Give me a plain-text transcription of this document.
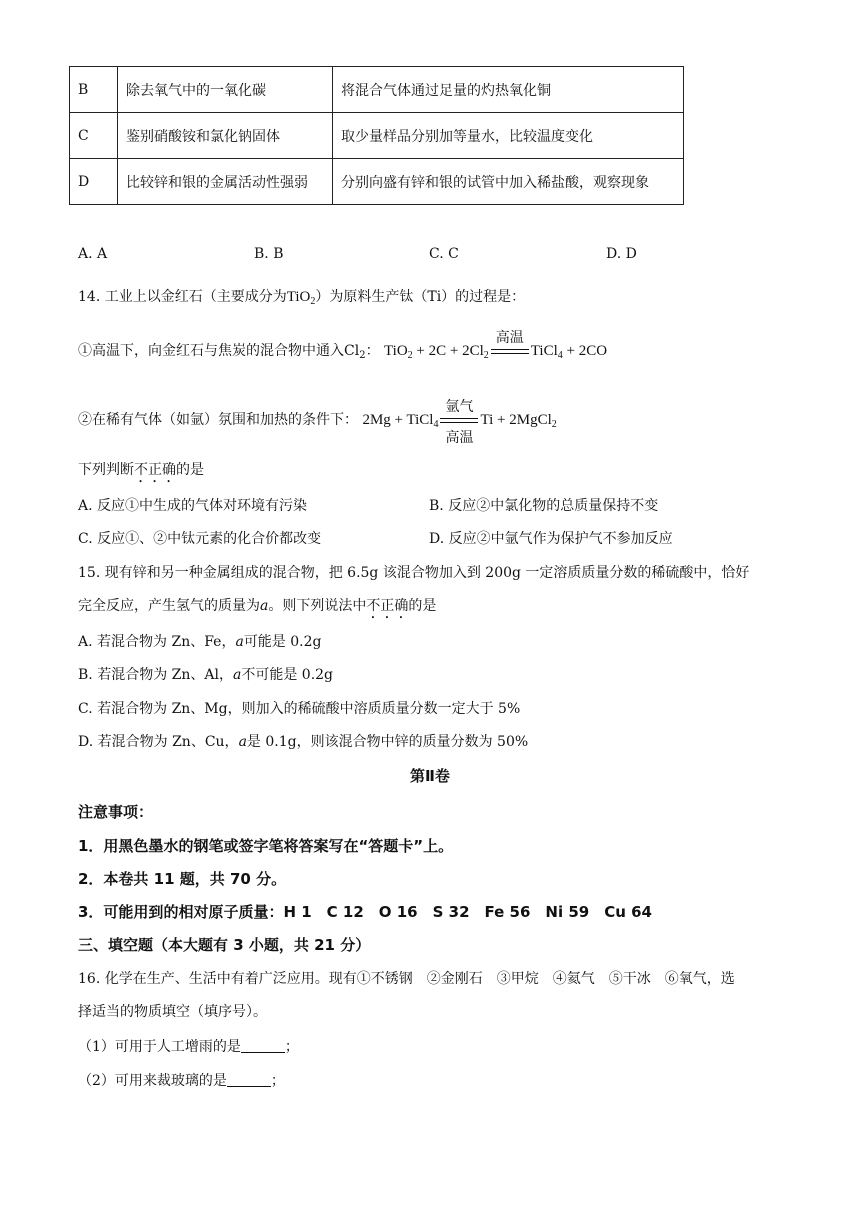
B	除去氧气中的一氧化碳	将混合气体通过足量的灼热氧化铜
C	鉴别硝酸铵和氯化钠固体	取少量样品分别加等量水，比较温度变化
D	比较锌和银的金属活动性强弱	分别向盛有锌和银的试管中加入稀盐酸，观察现象
A. A	B. B	C. C	D. D
14. 工业上以金红石（主要成分为TiO$_2$）为原料生产钛（Ti）的过程是：
①高温下，向金红石与焦炭的混合物中通入$Cl_2$： $TiO_2 + 2C + 2Cl_2$
高温
TiCl$_4$ + 2CO
②在稀有气体（如氩）氛围和加热的条件下： 2Mg + TiCl$_4$
氩气
高温
Ti + 2MgCl$_2$
下列判断不正确的是
A. 反应①中生成的气体对环境有污染	B. 反应②中氯化物的总质量保持不变
C. 反应①、②中钛元素的化合价都改变	D. 反应②中氩气作为保护气不参加反应
15. 现有锌和另一种金属组成的混合物，把 6.5g 该混合物加入到 200g 一定溶质质量分数的稀硫酸中，恰好
完全反应，产生氢气的质量为a。则下列说法中不正确的是
A. 若混合物为 Zn、Fe，a可能是 0.2g
B. 若混合物为 Zn、Al，a不可能是 0.2g
C. 若混合物为 Zn、Mg，则加入的稀硫酸中溶质质量分数一定大于 5%
D. 若混合物为 Zn、Cu，a是 0.1g，则该混合物中锌的质量分数为 50%
第Ⅱ卷
注意事项：
1．用黑色墨水的钢笔或签字笔将答案写在“答题卡”上。
2．本卷共 11 题，共 70 分。
3．可能用到的相对原子质量：H 1　C 12　O 16　S 32　Fe 56　Ni 59　Cu 64
三、填空题（本大题有 3 小题，共 21 分）
16. 化学在生产、生活中有着广泛应用。现有①不锈钢　②金刚石　③甲烷　④氦气　⑤干冰　⑥氧气，选
择适当的物质填空（填序号）。
（1）可用于人工增雨的是	；
（2）可用来裁玻璃的是	；
